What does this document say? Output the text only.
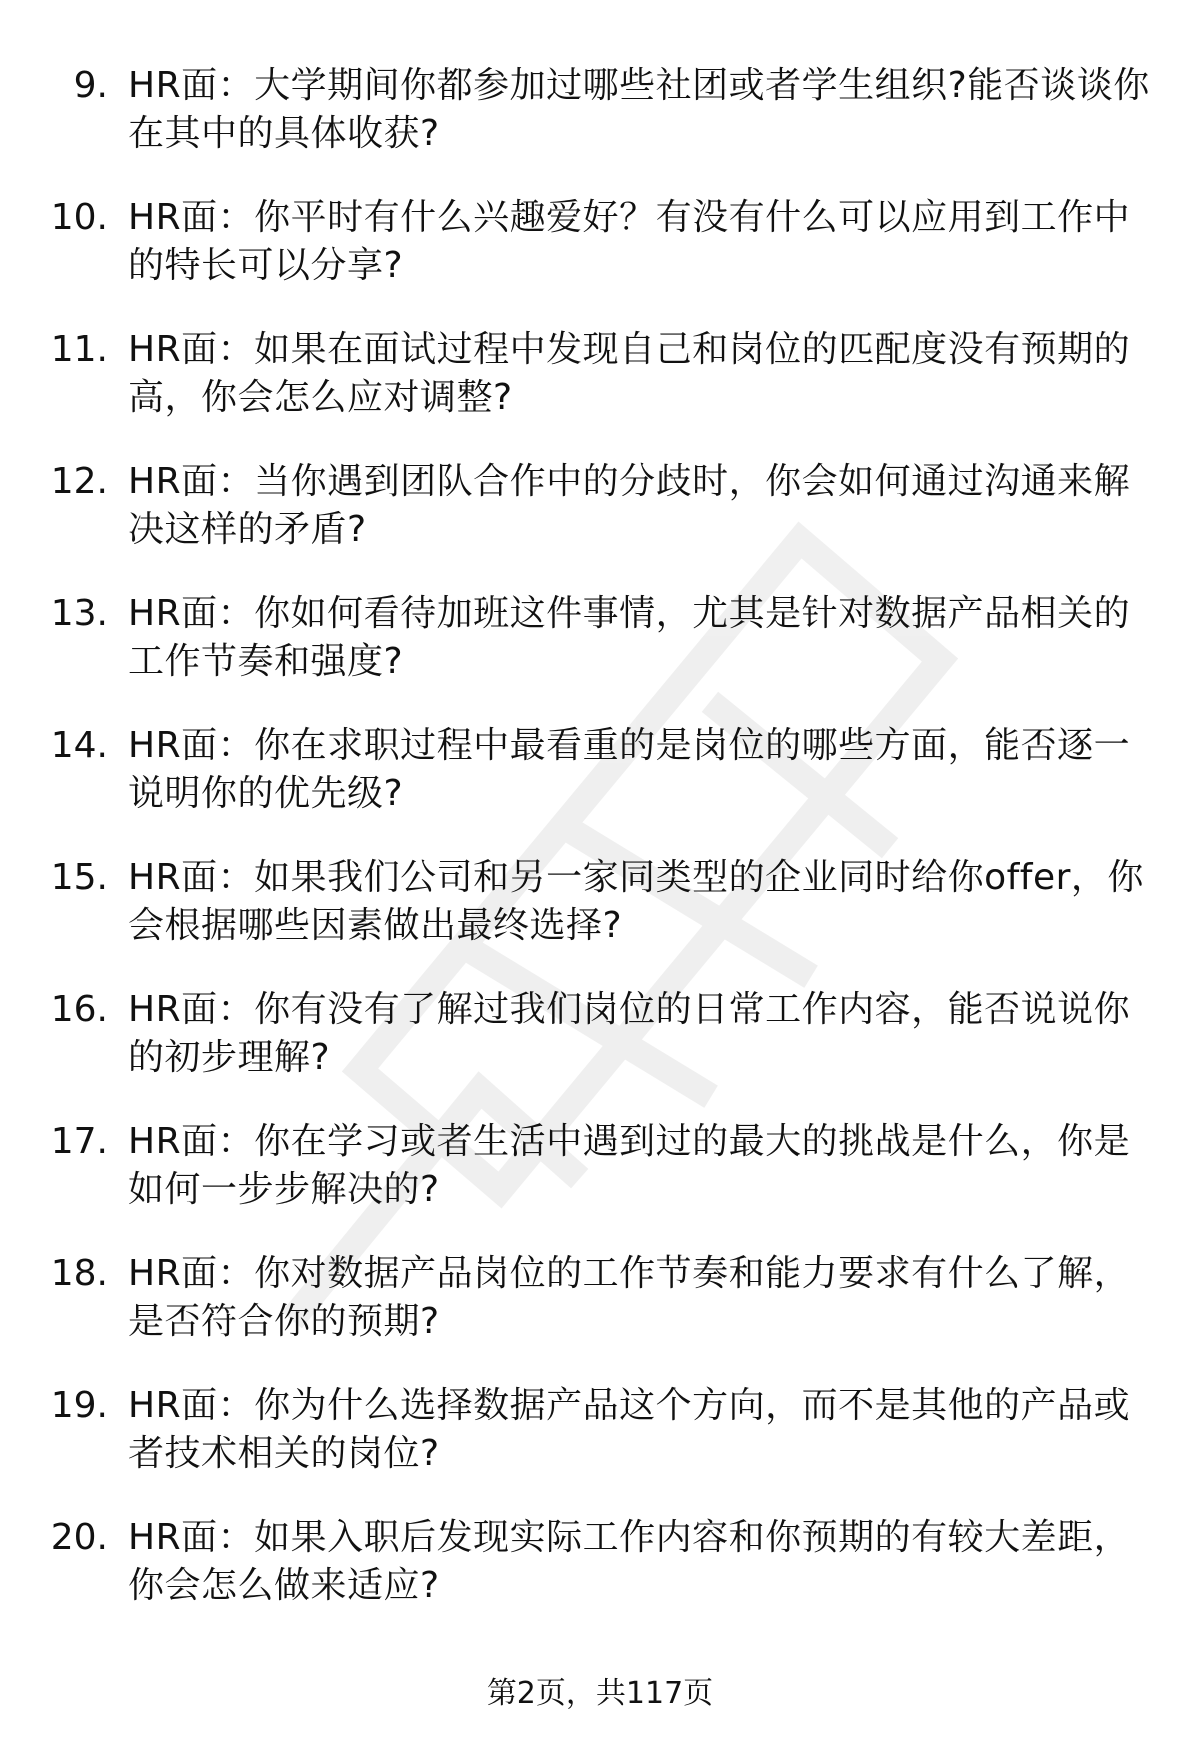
9. HR面：大学期间你都参加过哪些社团或者学生组织?能否谈谈你在其中的具体收获?
10. HR面：你平时有什么兴趣爱好？有没有什么可以应用到工作中的特长可以分享?
11. HR面：如果在面试过程中发现自己和岗位的匹配度没有预期的高，你会怎么应对调整?
12. HR面：当你遇到团队合作中的分歧时，你会如何通过沟通来解决这样的矛盾?
13. HR面：你如何看待加班这件事情，尤其是针对数据产品相关的工作节奏和强度?
14. HR面：你在求职过程中最看重的是岗位的哪些方面，能否逐一说明你的优先级?
15. HR面：如果我们公司和另一家同类型的企业同时给你offer，你会根据哪些因素做出最终选择?
16. HR面：你有没有了解过我们岗位的日常工作内容，能否说说你的初步理解?
17. HR面：你在学习或者生活中遇到过的最大的挑战是什么，你是如何一步步解决的?
18. HR面：你对数据产品岗位的工作节奏和能力要求有什么了解，是否符合你的预期?
19. HR面：你为什么选择数据产品这个方向，而不是其他的产品或者技术相关的岗位?
20. HR面：如果入职后发现实际工作内容和你预期的有较大差距，你会怎么做来适应?
第2页，共117页
